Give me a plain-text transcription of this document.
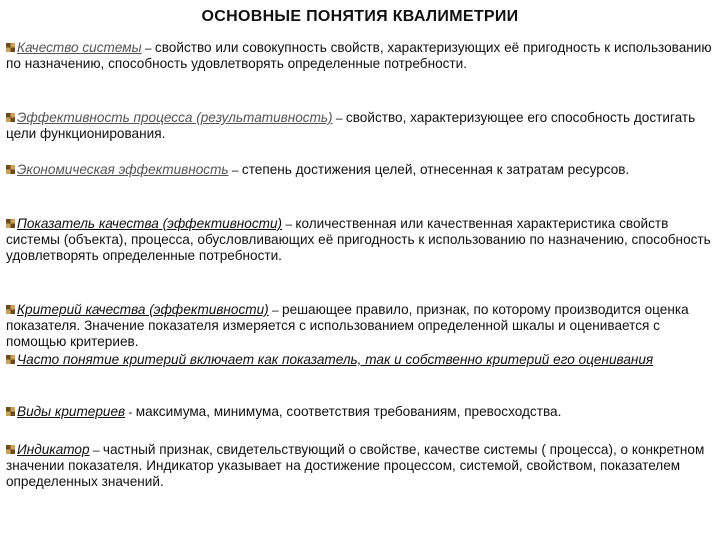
ОСНОВНЫЕ ПОНЯТИЯ КВАЛИМЕТРИИ
Качество системы – свойство или совокупность свойств, характеризующих её пригодность к использованию по назначению, способность удовлетворять определенные потребности.
Эффективность процесса (результативность) – свойство, характеризующее его способность достигать цели функционирования.
Экономическая эффективность – степень достижения целей, отнесенная к затратам ресурсов.
Показатель качества (эффективности) – количественная или качественная характеристика свойств системы (объекта), процесса, обусловливающих её пригодность к использованию по назначению, способность удовлетворять определенные потребности.
Критерий качества (эффективности) – решающее правило, признак, по которому производится оценка показателя. Значение показателя измеряется с использованием определенной шкалы и оценивается с помощью критериев.
Часто понятие критерий включает как показатель, так и собственно критерий его оценивания
Виды критериев - максимума, минимума, соответствия требованиям, превосходства.
Индикатор – частный признак, свидетельствующий о свойстве, качестве системы ( процесса), о конкретном значении показателя. Индикатор указывает на достижение процессом, системой, свойством, показателем определенных значений.
